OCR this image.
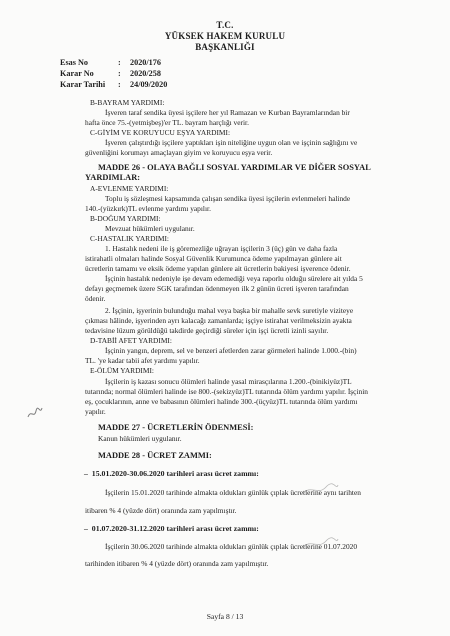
T.C.
YÜKSEK HAKEM KURULU
BAŞKANLIĞI
Esas No	: 2020/176
Karar No	: 2020/258
Karar Tarihi : 24/09/2020
B-BAYRAM YARDIMI:
İşveren taraf sendika üyesi işçilere her yıl Ramazan ve Kurban Bayramlarından bir
hafta önce 75.-(yetmişbeş)'er TL. bayram harçlığı verir.
C-GİYİM VE KORUYUCU EŞYA YARDIMI:
İşveren çalıştırdığı işçilere yaptıkları işin niteliğine uygun olan ve işçinin sağlığını ve
güvenliğini korumayı amaçlayan giyim ve koruyucu eşya verir.
MADDE 26 - OLAYA BAĞLI SOSYAL YARDIMLAR VE DİĞER SOSYAL
YARDIMLAR:
A-EVLENME YARDIMI:
Toplu iş sözleşmesi kapsamında çalışan sendika üyesi işçilerin evlenmeleri halinde
140.-(yüzkırk)TL evlenme yardımı yapılır.
B-DOĞUM YARDIMI:
Mevzuat hükümleri uygulanır.
C-HASTALIK YARDIMI:
1. Hastalık nedeni ile iş göremezliğe uğrayan işçilerin 3 (üç) gün ve daha fazla
istirahatli olmaları halinde Sosyal Güvenlik Kurumunca ödeme yapılmayan günlere ait
ücretlerin tamamı ve eksik ödeme yapılan günlere ait ücretlerin bakiyesi işverence ödenir.
İşçinin hastalık nedeniyle işe devam edemediği veya raporlu olduğu sürelere ait yılda 5
defayı geçmemek üzere SGK tarafından ödenmeyen ilk 2 günün ücreti işveren tarafından
ödenir.
2. İşçinin, işyerinin bulunduğu mahal veya başka bir mahalle sevk suretiyle viziteye
çıkması hâlinde, işyerinden ayrı kalacağı zamanlarda; işçiye istirahat verilmeksizin ayakta
tedavisine lüzum görüldüğü takdirde geçirdiği süreler için işçi ücretli izinli sayılır.
D-TABİİ AFET YARDIMI:
İşçinin yangın, deprem, sel ve benzeri afetlerden zarar görmeleri halinde 1.000.-(bin)
TL. 'ye kadar tabii afet yardımı yapılır.
E-ÖLÜM YARDIMI:
İşçilerin iş kazası sonucu ölümleri halinde yasal mirasçılarına 1.200.-(binikiyüz)TL
tutarında; normal ölümleri halinde ise 800.-(sekizyüz)TL tutarında ölüm yardımı yapılır. İşçinin
eş, çocuklarının, anne ve babasının ölümleri halinde 300.-(üçyüz)TL tutarında ölüm yardımı
yapılır.
MADDE 27 - ÜCRETLERİN ÖDENMESİ:
Kanun hükümleri uygulanır.
MADDE 28 - ÜCRET ZAMMI:
–  15.01.2020-30.06.2020 tarihleri arası ücret zammı:
İşçilerin 15.01.2020 tarihinde almakta oldukları günlük çıplak ücretlerine aynı tarihten
itibaren % 4 (yüzde dört) oranında zam yapılmıştır.
–  01.07.2020-31.12.2020 tarihleri arası ücret zammı:
İşçilerin 30.06.2020 tarihinde almakta oldukları günlük çıplak ücretlerine 01.07.2020
tarihinden itibaren % 4 (yüzde dört) oranında zam yapılmıştır.
Sayfa 8 / 13
